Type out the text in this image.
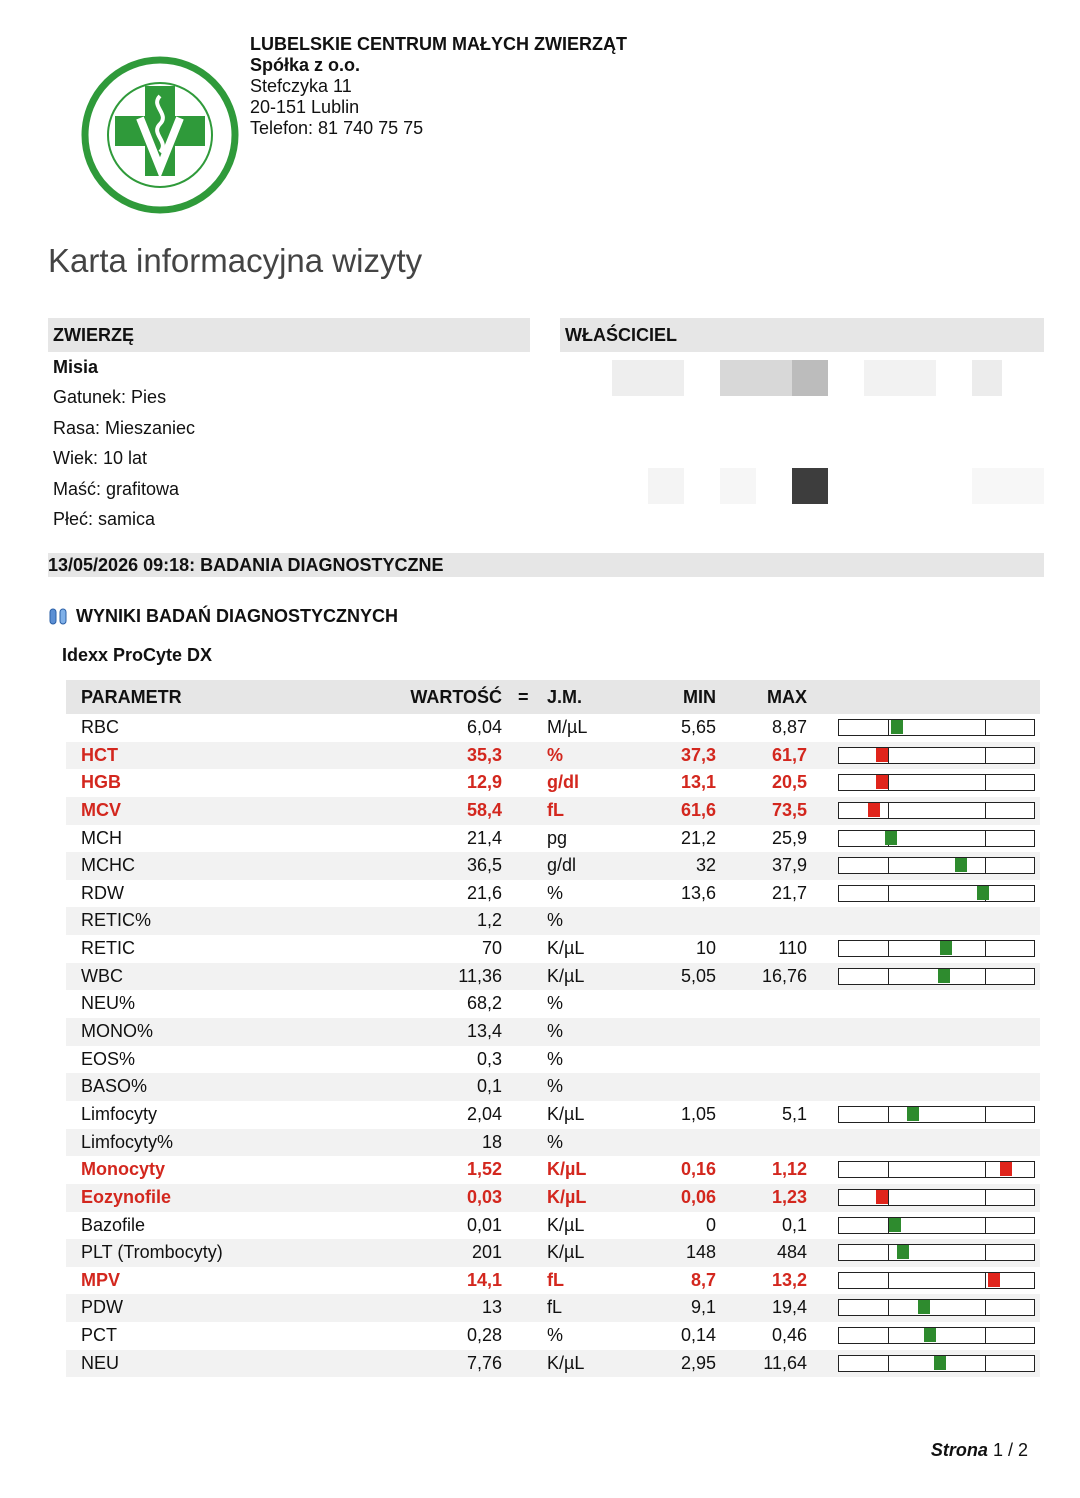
LUBELSKIE CENTRUM MAŁYCH ZWIERZĄT
Spółka z o.o.
Stefczyka 11
20-151 Lublin
Telefon: 81 740 75 75
Karta informacyjna wizyty
ZWIERZĘ	WŁAŚCICIEL
Misia
Gatunek: Pies
Rasa: Mieszaniec
Wiek: 10 lat
Maść: grafitowa
Płeć: samica
13/05/2026 09:18: BADANIA DIAGNOSTYCZNE
WYNIKI BADAŃ DIAGNOSTYCZNYCH
Idexx ProCyte DX
PARAMETR	WARTOŚĆ = J.M.	MIN	MAX
RBC	6,04	M/µL	5,65	8,87
HCT	35,3	%	37,3	61,7
HGB	12,9	g/dl	13,1	20,5
MCV	58,4	fL	61,6	73,5
MCH	21,4	pg	21,2	25,9
MCHC	36,5	g/dl	32	37,9
RDW	21,6	%	13,6	21,7
RETIC%	1,2	%
RETIC	70	K/µL	10	110
WBC	11,36	K/µL	5,05	16,76
NEU%	68,2	%
MONO%	13,4	%
EOS%	0,3	%
BASO%	0,1	%
Limfocyty	2,04	K/µL	1,05	5,1
Limfocyty%	18	%
Monocyty	1,52	K/µL	0,16	1,12
Eozynofile	0,03	K/µL	0,06	1,23
Bazofile	0,01	K/µL	0	0,1
PLT (Trombocyty)	201	K/µL	148	484
MPV	14,1	fL	8,7	13,2
PDW	13	fL	9,1	19,4
PCT	0,28	%	0,14	0,46
NEU	7,76	K/µL	2,95	11,64
Strona 1 / 2
